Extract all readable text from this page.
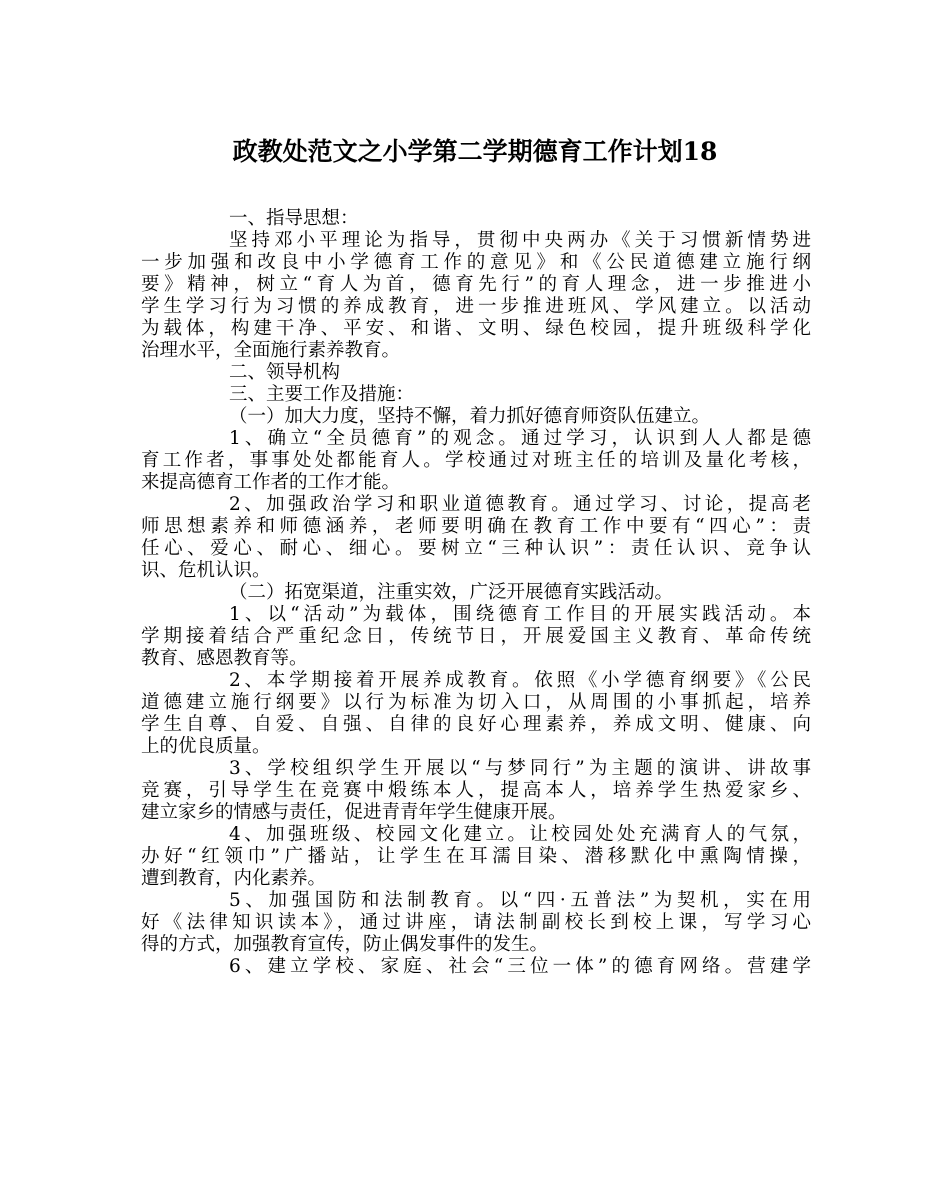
政教处范文之小学第二学期德育工作计划18
一、指导思想：
坚持邓小平理论为指导，贯彻中央两办《关于习惯新情势进
一步加强和改良中小学德育工作的意见》和《公民道德建立施行纲
要》精神，树立“育人为首，德育先行”的育人理念，进一步推进小
学生学习行为习惯的养成教育，进一步推进班风、学风建立。以活动
为载体，构建干净、平安、和谐、文明、绿色校园，提升班级科学化
治理水平，全面施行素养教育。
二、领导机构
三、主要工作及措施：
（一）加大力度，坚持不懈，着力抓好德育师资队伍建立。
1、确立“全员德育”的观念。通过学习，认识到人人都是德
育工作者，事事处处都能育人。学校通过对班主任的培训及量化考核，
来提高德育工作者的工作才能。
2、加强政治学习和职业道德教育。通过学习、讨论，提高老
师思想素养和师德涵养，老师要明确在教育工作中要有“四心”：责
任心、爱心、耐心、细心。要树立“三种认识”：责任认识、竞争认
识、危机认识。
（二）拓宽渠道，注重实效，广泛开展德育实践活动。
1、以“活动”为载体，围绕德育工作目的开展实践活动。本
学期接着结合严重纪念日，传统节日，开展爱国主义教育、革命传统
教育、感恩教育等。
2、本学期接着开展养成教育。依照《小学德育纲要》《公民
道德建立施行纲要》以行为标准为切入口，从周围的小事抓起，培养
学生自尊、自爱、自强、自律的良好心理素养，养成文明、健康、向
上的优良质量。
3、学校组织学生开展以“与梦同行”为主题的演讲、讲故事
竞赛，引导学生在竞赛中煅练本人，提高本人，培养学生热爱家乡、
建立家乡的情感与责任，促进青青年学生健康开展。
4、加强班级、校园文化建立。让校园处处充满育人的气氛，
办好“红领巾”广播站，让学生在耳濡目染、潜移默化中熏陶情操，
遭到教育，内化素养。
5、加强国防和法制教育。以“四·五普法”为契机，实在用
好《法律知识读本》，通过讲座，请法制副校长到校上课，写学习心
得的方式，加强教育宣传，防止偶发事件的发生。
6、建立学校、家庭、社会“三位一体”的德育网络。营建学
